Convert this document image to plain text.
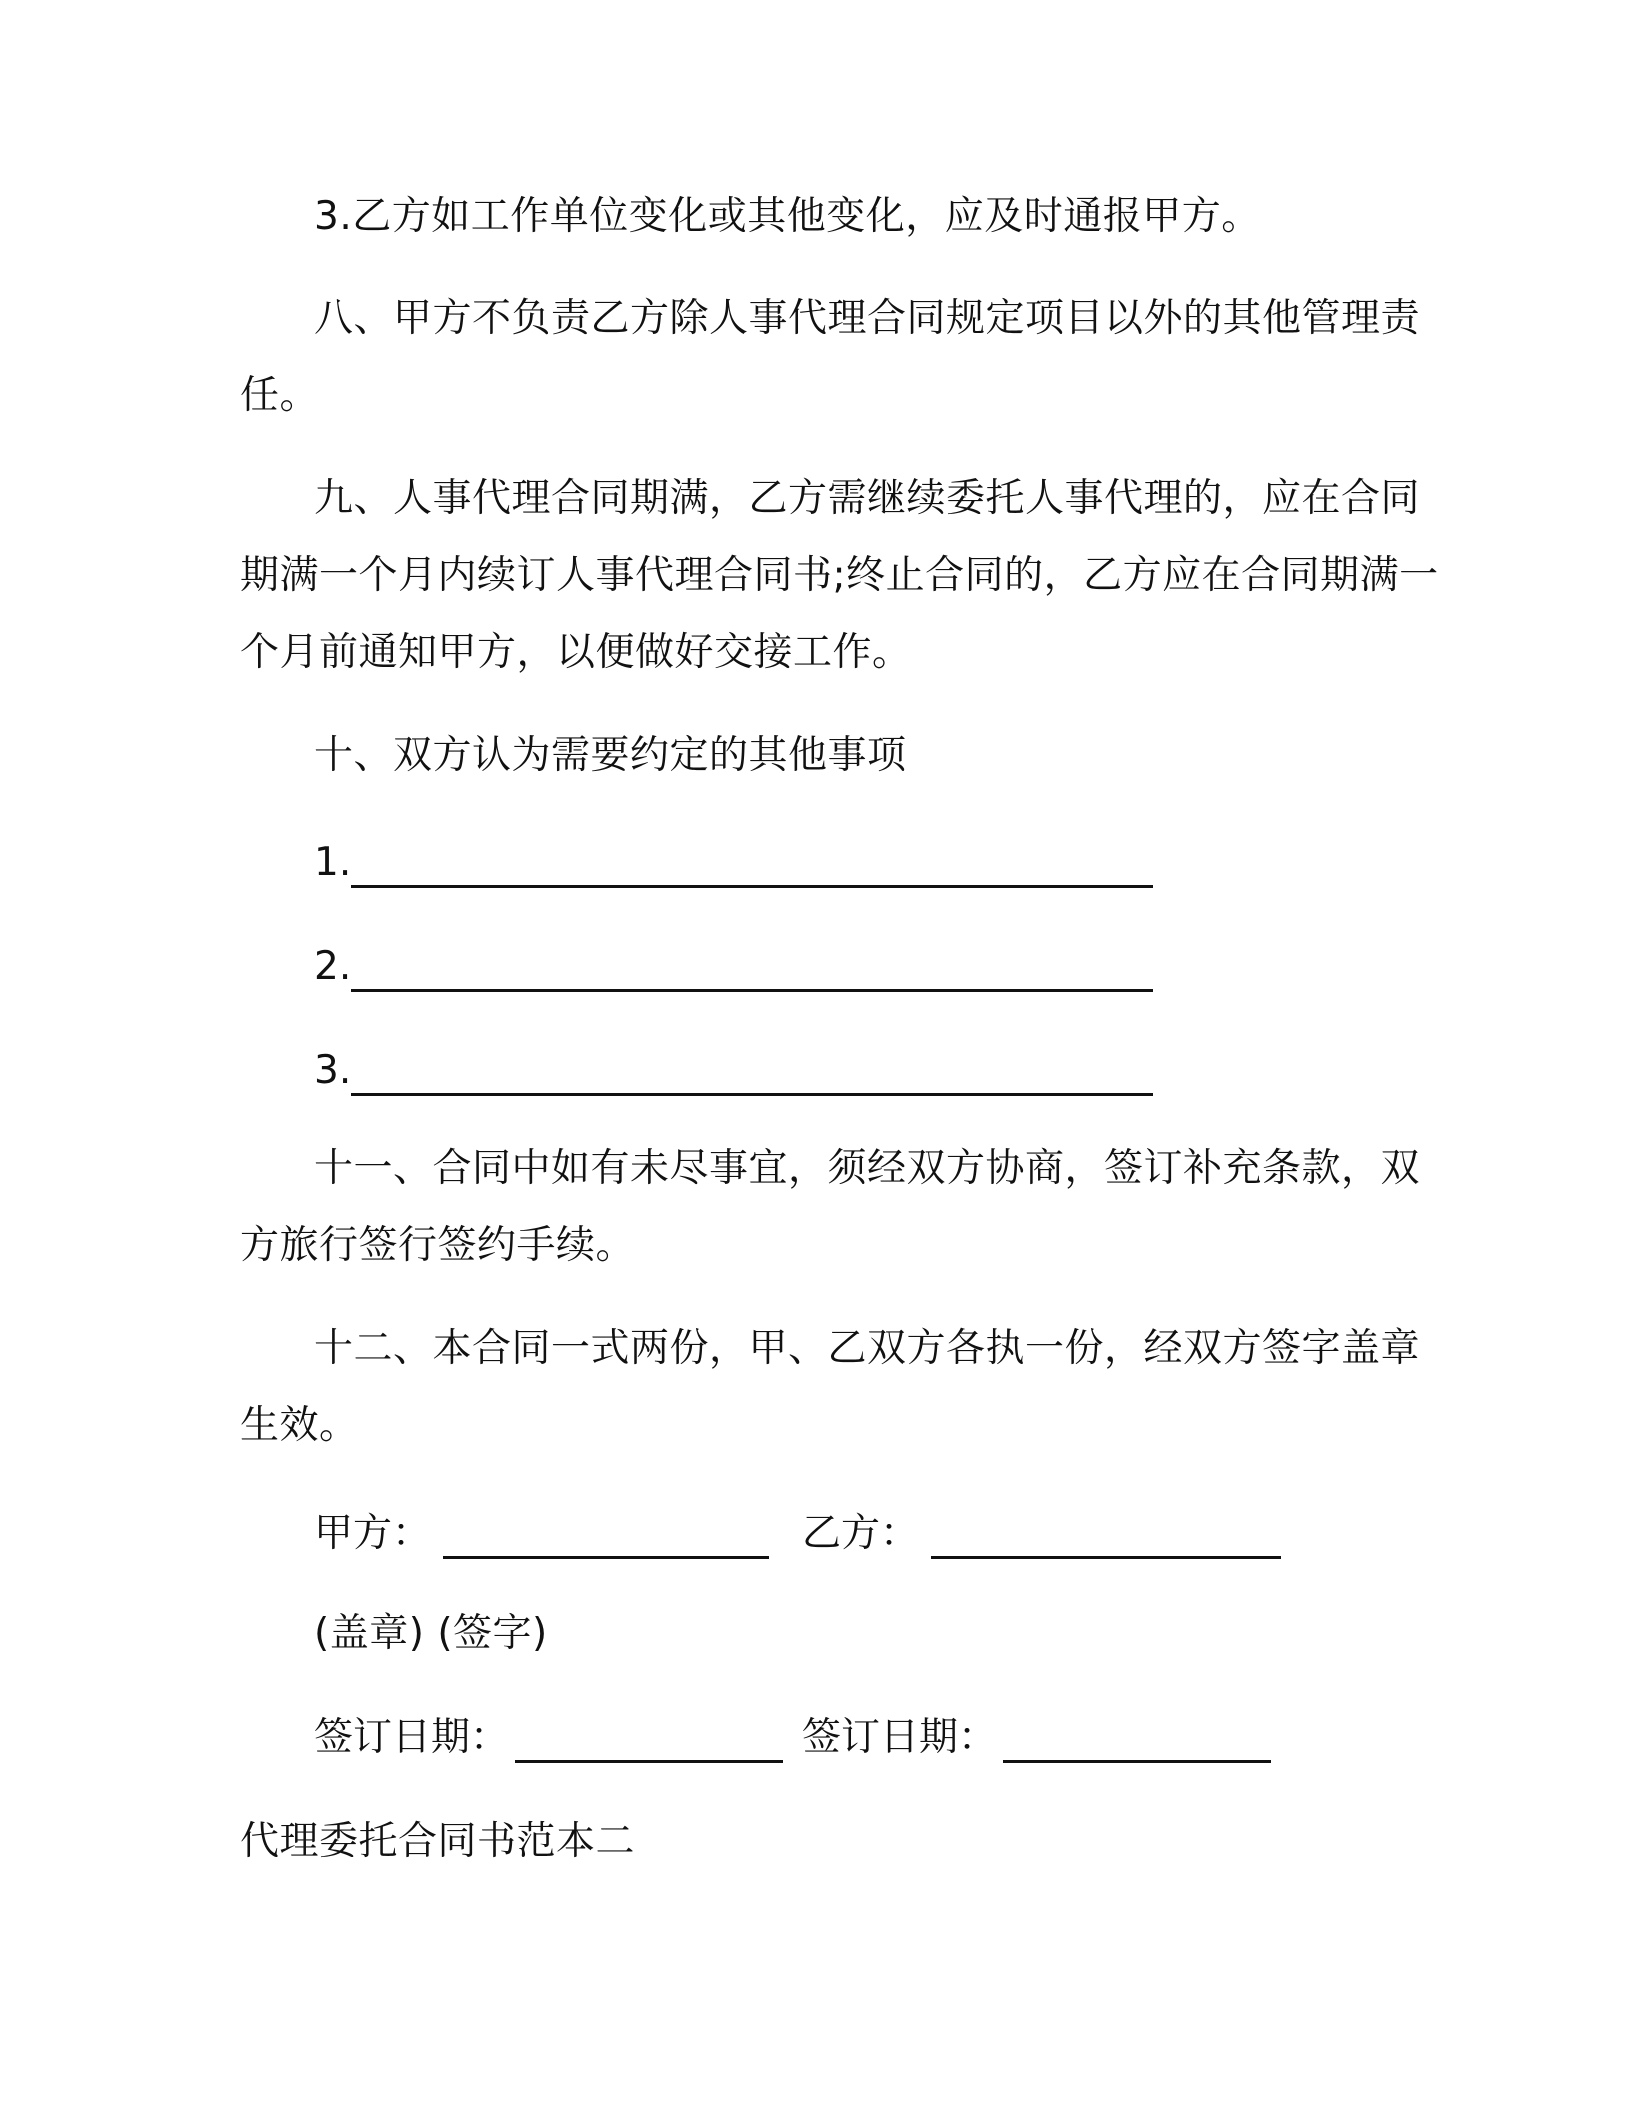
3.乙方如工作单位变化或其他变化，应及时通报甲方。
八、甲方不负责乙方除人事代理合同规定项目以外的其他管理责
任。
九、人事代理合同期满，乙方需继续委托人事代理的，应在合同
期满一个月内续订人事代理合同书;终止合同的，乙方应在合同期满一
个月前通知甲方，以便做好交接工作。
十、双方认为需要约定的其他事项
1.
2.
3.
十一、合同中如有未尽事宜，须经双方协商，签订补充条款，双
方旅行签行签约手续。
十二、本合同一式两份，甲、乙双方各执一份，经双方签字盖章
生效。
甲方：	乙方：
(盖章) (签字)
签订日期：	签订日期：
代理委托合同书范本二
